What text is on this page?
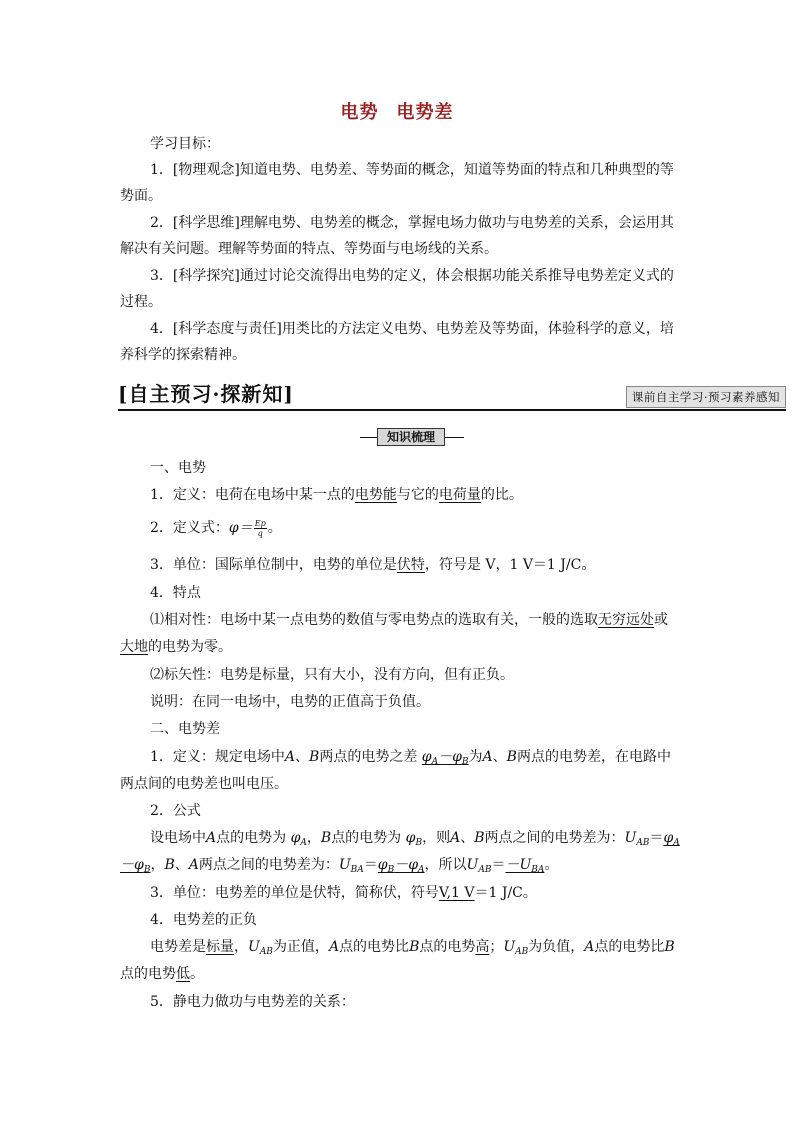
电势 电势差
学习目标：
1．[物理观念]知道电势、电势差、等势面的概念，知道等势面的特点和几种典型的等
势面。
2．[科学思维]理解电势、电势差的概念，掌握电场力做功与电势差的关系，会运用其
解决有关问题。理解等势面的特点、等势面与电场线的关系。
3．[科学探究]通过讨论交流得出电势的定义，体会根据功能关系推导电势差定义式的
过程。
4．[科学态度与责任]用类比的方法定义电势、电势差及等势面，体验科学的意义，培
养科学的探索精神。
[自主预习·探新知]	课前自主学习·预习素养感知
知识梳理
一、电势
1．定义：电荷在电场中某一点的电势能与它的电荷量的比。
2．定义式：$\varphi= \frac{Ep}{q}$ 。
3．单位：国际单位制中，电势的单位是伏特，符号是 V，1 V＝1 J/C。
4．特点
⑴相对性：电场中某一点电势的数值与零电势点的选取有关，一般的选取无穷远处或
大地的电势为零。
⑵标矢性：电势是标量，只有大小，没有方向，但有正负。
说明：在同一电场中，电势的正值高于负值。
二、电势差
1．定义：规定电场中A、B两点的电势之差 $\varphi_A-\varphi_B$为A、B两点的电势差，在电路中
两点间的电势差也叫电压。
2．公式
设电场中A点的电势为 $\varphi_A$，B点的电势为 $\varphi_B$，则A、B两点之间的电势差为：$U_{AB}=\varphi_A$
$-\varphi_B$，B、A两点之间的电势差为：$U_{BA}=\varphi_B-\varphi_A$，所以$U_{AB}=-U_{BA}$。
3．单位：电势差的单位是伏特，简称伏，符号V,1 V＝1 J/C。
4．电势差的正负
电势差是标量，$U_{AB}$为正值，A点的电势比B点的电势高；$U_{AB}$为负值，A点的电势比B
点的电势低。
5．静电力做功与电势差的关系：
